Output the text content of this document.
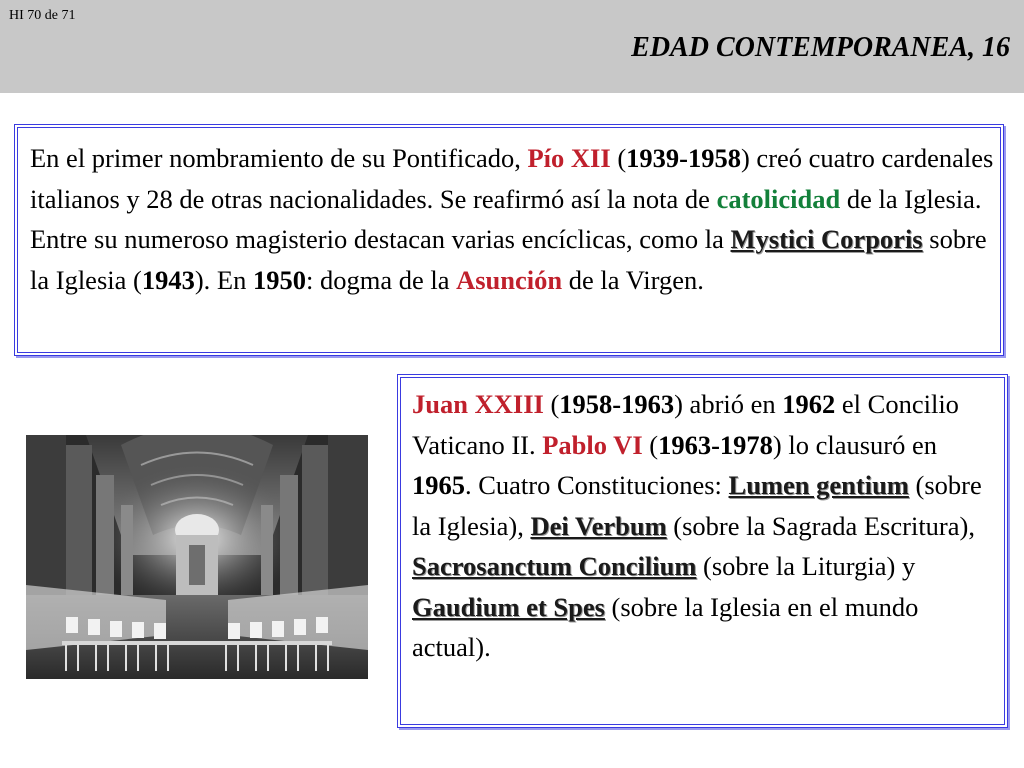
HI 70 de 71
EDAD CONTEMPORANEA, 16

En el primer nombramiento de su Pontificado, Pío XII (1939-1958) creó cuatro cardenales italianos y 28 de otras nacionalidades. Se reafirmó así la nota de catolicidad de la Iglesia. Entre su numeroso magisterio destacan varias encíclicas, como la Mystici Corporis sobre la Iglesia (1943). En 1950: dogma de la Asunción de la Virgen.

Juan XXIII (1958-1963) abrió en 1962 el Concilio Vaticano II. Pablo VI (1963-1978) lo clausuró en 1965. Cuatro Constituciones: Lumen gentium (sobre la Iglesia), Dei Verbum (sobre la Sagrada Escritura), Sacrosanctum Concilium (sobre la Liturgia) y Gaudium et Spes (sobre la Iglesia en el mundo actual).
